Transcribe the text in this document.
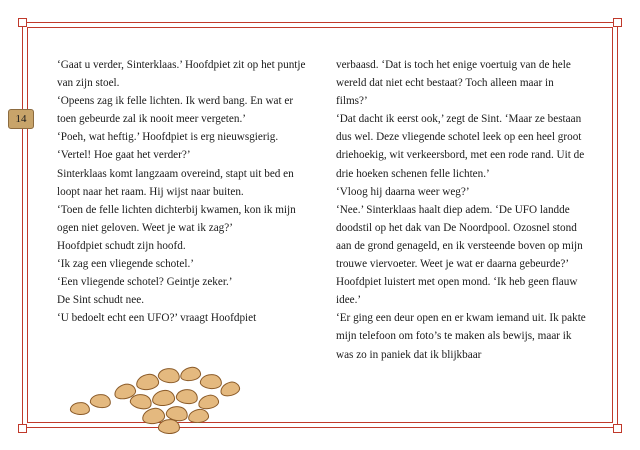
14

‘Gaat u verder, Sinterklaas.’ Hoofdpiet zit op het puntje van zijn stoel.

‘Opeens zag ik felle lichten. Ik werd bang. En wat er toen gebeurde zal ik nooit meer vergeten.’

‘Poeh, wat heftig.’ Hoofdpiet is erg nieuwsgierig.

‘Vertel! Hoe gaat het verder?’

Sinterklaas komt langzaam overeind, stapt uit bed en loopt naar het raam. Hij wijst naar buiten.

‘Toen de felle lichten dichterbij kwamen, kon ik mijn ogen niet geloven. Weet je wat ik zag?’

Hoofdpiet schudt zijn hoofd.

‘Ik zag een vliegende schotel.’

‘Een vliegende schotel? Geintje zeker.’

De Sint schudt nee.

‘U bedoelt echt een UFO?’ vraagt Hoofdpiet

verbaasd. ‘Dat is toch het enige voertuig van de hele wereld dat niet echt bestaat? Toch alleen maar in films?’

‘Dat dacht ik eerst ook,’ zegt de Sint. ‘Maar ze bestaan dus wel. Deze vliegende schotel leek op een heel groot driehoekig, wit verkeersbord, met een rode rand. Uit de drie hoeken schenen felle lichten.’

‘Vloog hij daarna weer weg?’

‘Nee.’ Sinterklaas haalt diep adem. ‘De UFO landde doodstil op het dak van De Noordpool. Ozosnel stond aan de grond genageld, en ik versteende boven op mijn trouwe viervoeter. Weet je wat er daarna gebeurde?’

Hoofdpiet luistert met open mond. ‘Ik heb geen flauw idee.’

‘Er ging een deur open en er kwam iemand uit. Ik pakte mijn telefoon om foto’s te maken als bewijs, maar ik was zo in paniek dat ik blijkbaar
